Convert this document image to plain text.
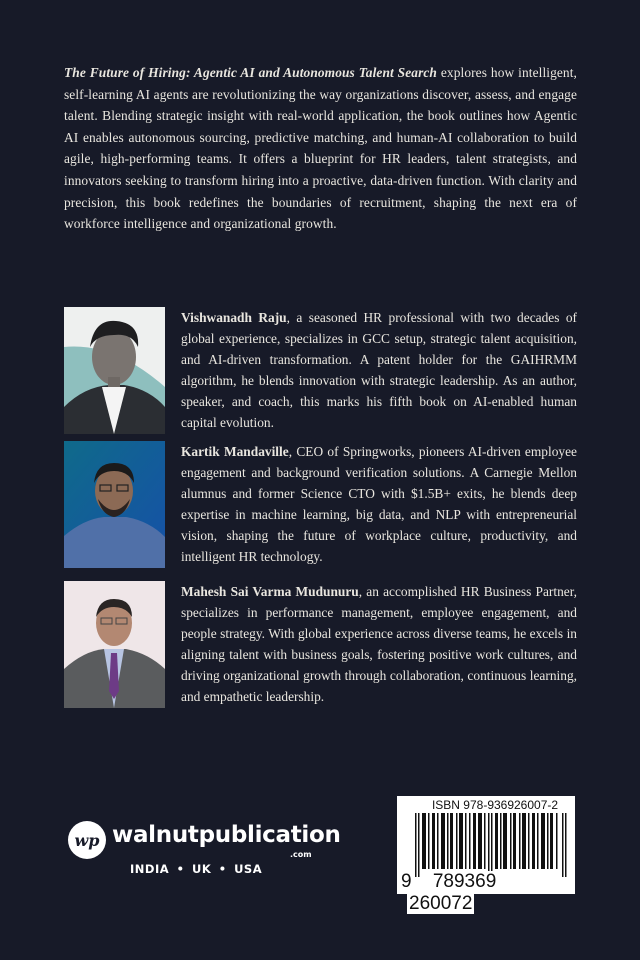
The Future of Hiring: Agentic AI and Autonomous Talent Search explores how intelligent, self-learning AI agents are revolutionizing the way organizations discover, assess, and engage talent. Blending strategic insight with real-world application, the book outlines how Agentic AI enables autonomous sourcing, predictive matching, and human-AI collaboration to build agile, high-performing teams. It offers a blueprint for HR leaders, talent strategists, and innovators seeking to transform hiring into a proactive, data-driven function. With clarity and precision, this book redefines the boundaries of recruitment, shaping the next era of workforce intelligence and organizational growth.
Vishwanadh Raju, a seasoned HR professional with two decades of global experience, specializes in GCC setup, strategic talent acquisition, and AI-driven transformation. A patent holder for the GAIHRMM algorithm, he blends innovation with strategic leadership. As an author, speaker, and coach, this marks his fifth book on AI-enabled human capital evolution.
Kartik Mandaville, CEO of Springworks, pioneers AI-driven employee engagement and background verification solutions. A Carnegie Mellon alumnus and former Science CTO with $1.5B+ exits, he blends deep expertise in machine learning, big data, and NLP with entrepreneurial vision, shaping the future of workplace culture, productivity, and intelligent HR technology.
Mahesh Sai Varma Mudunuru, an accomplished HR Business Partner, specializes in performance management, employee engagement, and people strategy. With global experience across diverse teams, he excels in aligning talent with business goals, fostering positive work cultures, and driving organizational growth through collaboration, continuous learning, and empathetic leadership.
wp walnutpublication
.com
INDIA • UK • USA
ISBN 978-936926007-2
9 789369 260072
